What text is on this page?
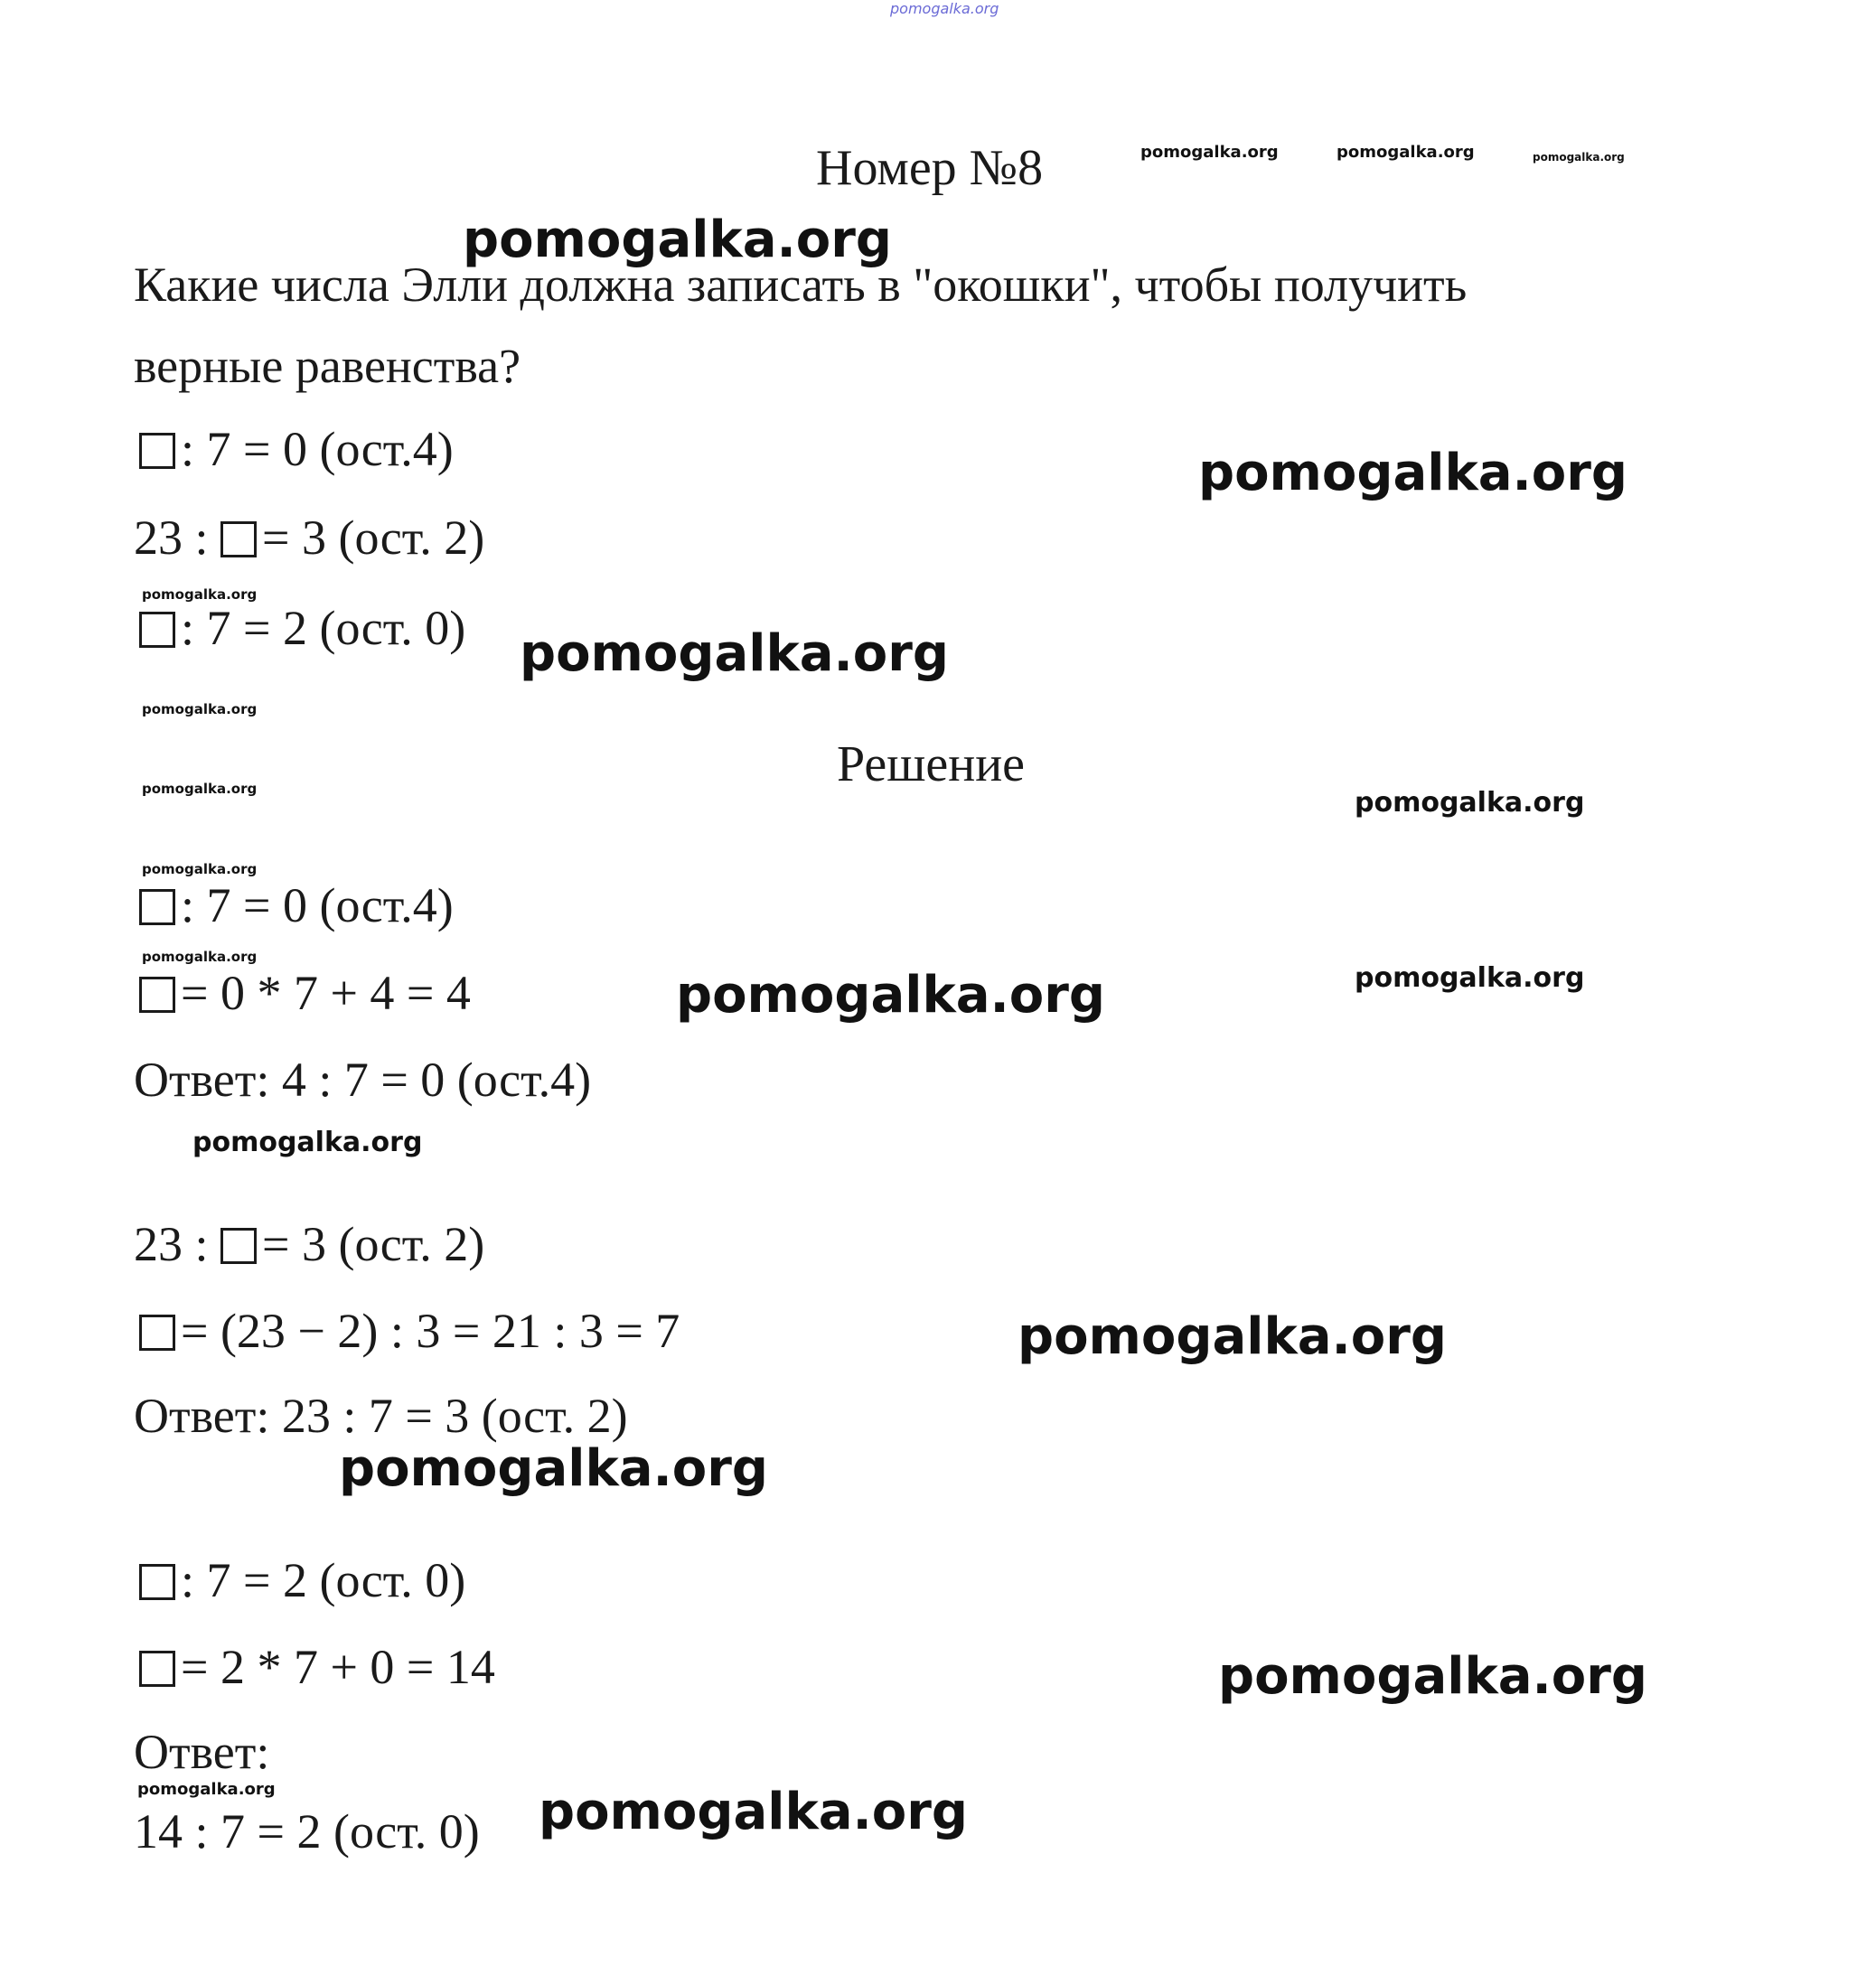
pomogalka.org
pomogalka.org	pomogalka.org	pomogalka.org
pomogalka.org
pomogalka.org
pomogalka.org
pomogalka.org
pomogalka.org
pomogalka.org	pomogalka.org
pomogalka.org
pomogalka.org
pomogalka.org	pomogalka.org
pomogalka.org
pomogalka.org
pomogalka.org
pomogalka.org
pomogalka.org	pomogalka.org
Номер №8
Какие числа Элли должна записать в "окошки", чтобы получить
верные равенства?
: 7 = 0 (ост.4)
23 : = 3 (ост. 2)
: 7 = 2 (ост. 0)
Решение
: 7 = 0 (ост.4)
= 0 * 7 + 4 = 4
Ответ: 4 : 7 = 0 (ост.4)
23 : = 3 (ост. 2)
= (23 − 2) : 3 = 21 : 3 = 7
Ответ: 23 : 7 = 3 (ост. 2)
: 7 = 2 (ост. 0)
= 2 * 7 + 0 = 14
Ответ:
14 : 7 = 2 (ост. 0)
